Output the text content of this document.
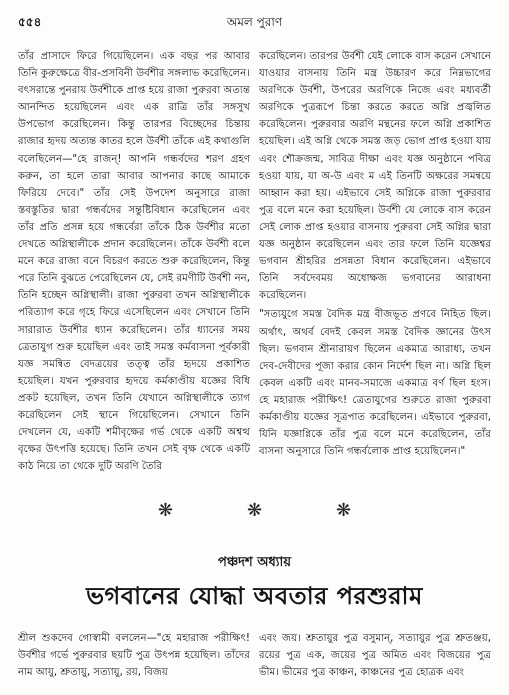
৫৫৪	অমল পুরাণ

তাঁর প্রাসাদে ফিরে গিয়েছিলেন। এক বছর পর আবার তিনি কুরুক্ষেত্রে বীর-প্রসবিনী উর্বশীর সঙ্গলাভ করেছিলেন। বৎসরান্তে পুনরায় উর্বশীকে প্রাপ্ত হয়ে রাজা পুরুরবা অত্যন্ত আনন্দিত হয়েছিলেন এবং এক রাত্রি তাঁর সঙ্গসুখ উপভোগ করেছিলেন। কিন্তু তারপর বিচ্ছেদের চিন্তায় রাজার হৃদয় অত্যন্ত কাতর হলে উর্বশী তাঁকে এই কথাগুলি বলেছিলেন—"হে রাজন্! আপনি গন্ধর্বদের শরণ গ্রহণ করুন, তা হলে তারা আবার আপনার কাছে আমাকে ফিরিয়ে দেবে।" তাঁর সেই উপদেশ অনুসারে রাজা স্তবস্তুতির দ্বারা গন্ধর্বদের সন্তুষ্টিবিধান করেছিলেন এবং তাঁর প্রতি প্রসন্ন হয়ে গন্ধর্বেরা তাঁকে ঠিক উর্বশীর মতো দেখতে অগ্নিস্থালীকে প্রদান করেছিলেন। তাঁকে উর্বশী বলে মনে করে রাজা বনে বিচরণ করতে শুরু করেছিলেন, কিন্তু পরে তিনি বুঝতে পেরেছিলেন যে, সেই রমণীটি উর্বশী নন, তিনি হচ্ছেন অগ্নিস্থালী। রাজা পুরুরবা তখন অগ্নিস্থালীকে পরিত্যাগ করে গৃহে ফিরে এসেছিলেন এবং সেখানে তিনি সারারাত উর্বশীর ধ্যান করেছিলেন। তাঁর ধ্যানের সময় ত্রেতাযুগ শুরু হয়েছিল এবং তাই সমস্ত কর্মবাসনা পূর্বকারী যজ্ঞ সমন্বিত বেদত্রয়ের তত্ত্ব তাঁর হৃদয়ে প্রকাশিত হয়েছিল। যখন পুরুরবার হৃদয়ে কর্মকাণ্ডীয় যজ্ঞের বিধি প্রকট হয়েছিল, তখন তিনি যেখানে অগ্নিস্থালীকে ত্যাগ করেছিলেন সেই স্থানে গিয়েছিলেন। সেখানে তিনি দেখলেন যে, একটি শমীবৃক্ষের গর্ভ থেকে একটি অশ্বত্থ বৃক্ষের উৎপত্তি হয়েছে। তিনি তখন সেই বৃক্ষ থেকে একটি কাঠ নিয়ে তা থেকে দুটি অরণি তৈরি

করেছিলেন। তারপর উর্বশী যেই লোকে বাস করেন সেখানে যাওয়ার বাসনায় তিনি মন্ত্র উচ্চারণ করে নিম্নভাগের অরণিকে উর্বশী, উপরের অরণিকে নিজে এবং মধ্যবর্তী অরণিকে পুত্ররূপে চিন্তা করতে করতে অগ্নি প্রজ্বলিত করেছিলেন। পুরুরবার অরণি মন্থনের ফলে অগ্নি প্রকাশিত হয়েছিল। এই অগ্নি থেকে সমস্ত জড় ভোগ প্রাপ্ত হওয়া যায় এবং শৌক্রজন্ম, সাবিত্র দীক্ষা এবং যজ্ঞ অনুষ্ঠানে পবিত্র হওয়া যায়, যা অ-উ এবং ম এই তিনটি অক্ষরের সমন্বয়ে আহ্বান করা হয়। এইভাবে সেই অগ্নিকে রাজা পুরুরবার পুত্র বলে মনে করা হয়েছিল। উর্বশী যে লোকে বাস করেন সেই লোক প্রাপ্ত হওয়ার বাসনায় পুরুরবা সেই অগ্নির দ্বারা যজ্ঞ অনুষ্ঠান করেছিলেন এবং তার ফলে তিনি যজ্ঞেশ্বর ভগবান শ্রীহরির প্রসন্নতা বিধান করেছিলেন। এইভাবে তিনি সর্বদেবময় অধোক্ষজ ভগবানের আরাধনা করেছিলেন।

"সত্যযুগে সমস্ত বৈদিক মন্ত্র বীজভূত প্রণবে নিহিত ছিল। অর্থাৎ, অথর্ব বেদই কেবল সমস্ত বৈদিক জ্ঞানের উৎস ছিল। ভগবান শ্রীনারায়ণ ছিলেন একমাত্র আরাধ্য, তখন দেব-দেবীদের পূজা করার কোন নির্দেশ ছিল না। অগ্নি ছিল কেবল একটি এবং মানব-সমাজে একমাত্র বর্ণ ছিল হংস। হে মহারাজ পরীক্ষিৎ! ত্রেতাযুগের শুরুতে রাজা পুরুরবা কর্মকাণ্ডীয় যজ্ঞের সূত্রপাত করেছিলেন। এইভাবে পুরুরবা, যিনি যজ্ঞাগ্নিকে তাঁর পুত্র বলে মনে করেছিলেন, তাঁর বাসনা অনুসারে তিনি গন্ধর্বলোক প্রাপ্ত হয়েছিলেন।"

❋	❋	❋
পঞ্চদশ অধ্যায়
ভগবানের যোদ্ধা অবতার পরশুরাম

শ্রীল শুকদেব গোস্বামী বললেন—"হে মহারাজ পরীক্ষিৎ! উর্বশীর গর্ভে পুরুরবার ছয়টি পুত্র উৎপন্ন হয়েছিল। তাঁদের নাম আয়ু, শ্রুতায়ু, সত্যায়ু, রয়, বিজয়

এবং জয়। শ্রুতায়ুর পুত্র বসুমান্, সত্যায়ুর পুত্র শ্রুতঞ্জয়, রয়ের পুত্র এক, জয়ের পুত্র অমিত এবং বিজয়ের পুত্র ভীম। ভীমের পুত্র কাঞ্চন, কাঞ্চনের পুত্র হোত্রক এবং
